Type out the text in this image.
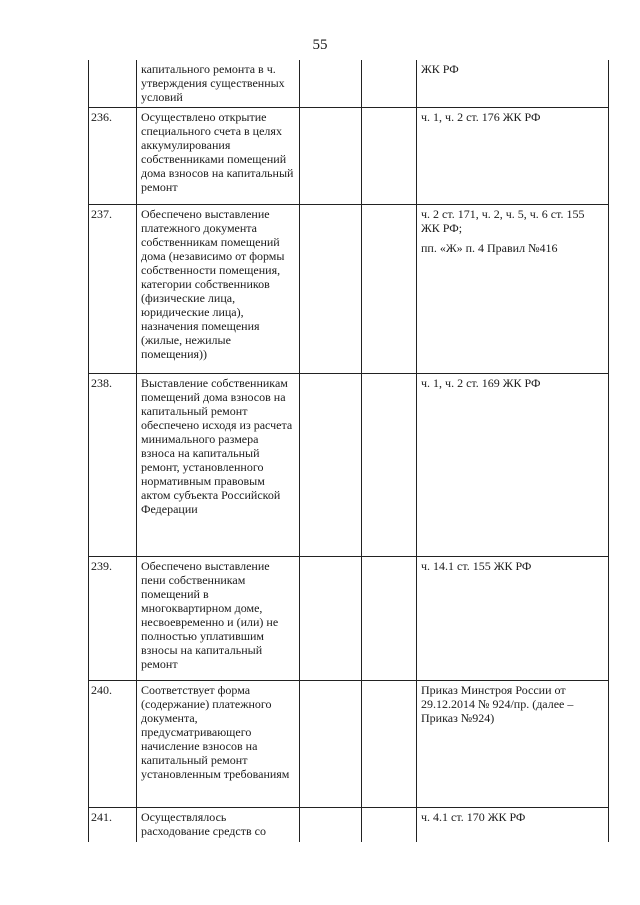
55
	капитального ремонта в ч. утверждения существенных условий			ЖК РФ

236.	Осуществлено открытие специального счета в целях аккумулирования собственниками помещений дома взносов на капитальный ремонт			ч. 1, ч. 2 ст. 176 ЖК РФ

237.	Обеспечено выставление платежного документа собственникам помещений дома (независимо от формы собственности помещения, категории собственников (физические лица, юридические лица), назначения помещения (жилые, нежилые помещения))			ч. 2 ст. 171, ч. 2, ч. 5, ч. 6 ст. 155 ЖК РФ;
пп. «Ж» п. 4 Правил №416

238.	Выставление собственникам помещений дома взносов на капитальный ремонт обеспечено исходя из расчета минимального размера взноса на капитальный ремонт, установленного нормативным правовым актом субъекта Российской Федерации			ч. 1, ч. 2 ст. 169 ЖК РФ

239.	Обеспечено выставление пени собственникам помещений в многоквартирном доме, несвоевременно и (или) не полностью уплатившим взносы на капитальный ремонт			ч. 14.1 ст. 155 ЖК РФ

240.	Соответствует форма (содержание) платежного документа, предусматривающего начисление взносов на капитальный ремонт установленным требованиям			Приказ Минстроя России от 29.12.2014 № 924/пр. (далее – Приказ №924)

241.	Осуществлялось расходование средств со			ч. 4.1 ст. 170 ЖК РФ
